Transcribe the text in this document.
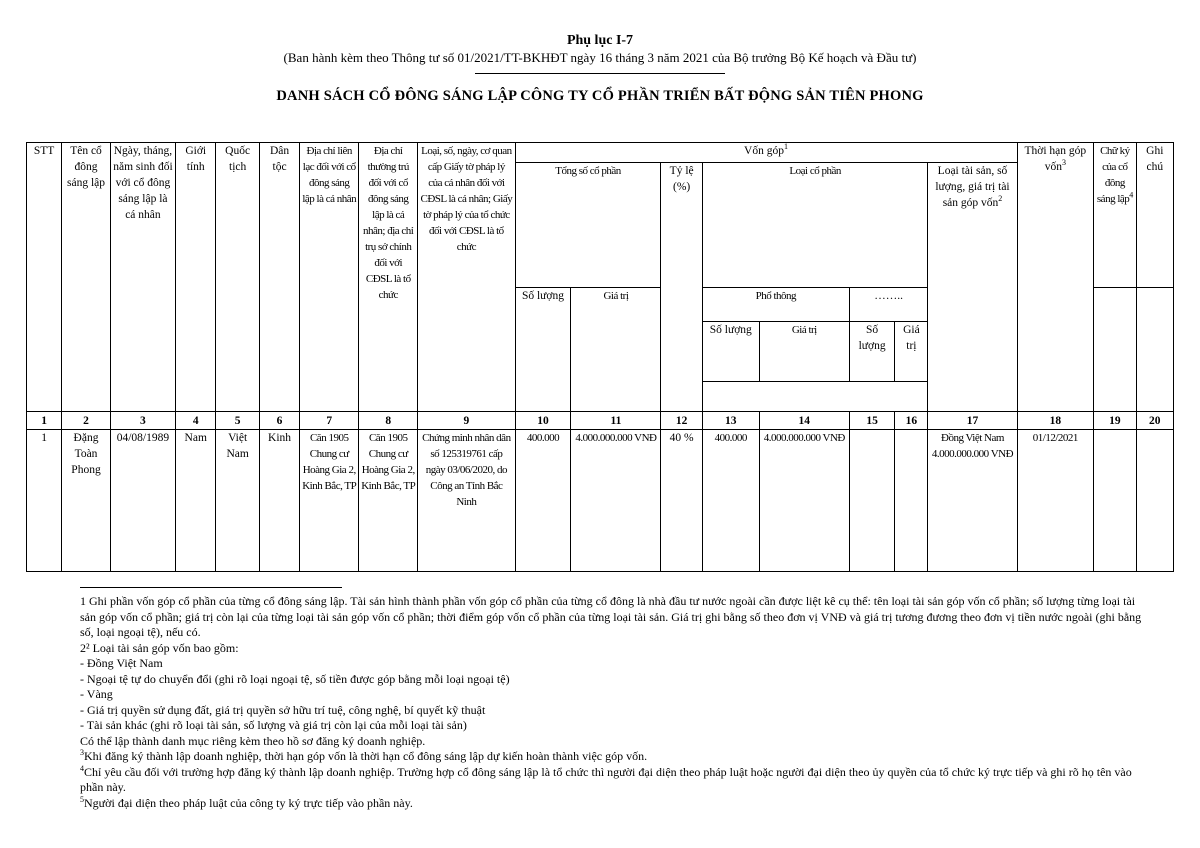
Phụ lục I-7
(Ban hành kèm theo Thông tư số 01/2021/TT-BKHĐT ngày 16 tháng 3 năm 2021 của Bộ trưởng Bộ Kế hoạch và Đầu tư)
DANH SÁCH CỔ ĐÔNG SÁNG LẬP CÔNG TY CỔ PHẦN TRIỂN BẤT ĐỘNG SẢN TIÊN PHONG
STT	Tên cổ đông sáng lập	Ngày, tháng, năm sinh đối với cổ đông sáng lập là cá nhân	Giới tính	Quốc tịch	Dân tộc	Địa chỉ liên lạc đối với cổ đông sáng lập là cá nhân	Địa chỉ thường trú đối với cổ đông sáng lập là cá nhân; địa chỉ trụ sở chính đối với CĐSL là tổ chức	Loại, số, ngày, cơ quan cấp Giấy tờ pháp lý của cá nhân đối với CĐSL là cá nhân; Giấy tờ pháp lý của tổ chức đối với CĐSL là tổ chức	Vốn góp$^1$								Thời hạn góp vốn$^3$	Chữ ký của cổ đông sáng lập$^4$	Ghi chú
									Tổng số cổ phần		Tỷ lệ (%)	Loại cổ phần				Loại tài sản, số lượng, giá trị tài sản góp vốn$^2$
									Số lượng	Giá trị		Phổ thông		……..					
												Số lượng	Giá trị	Số lượng	Giá trị				

1	2	3	4	5	6	7	8	9	10	11	12	13	14	15	16	17	18	19	20
1	Đặng Toàn Phong	04/08/1989	Nam	Việt Nam	Kinh	Căn 1905 Chung cư Hoàng Gia 2, Kinh Bắc, TP	Căn 1905 Chung cư Hoàng Gia 2, Kinh Bắc, TP	Chứng minh nhân dân số 125319761 cấp ngày 03/06/2020, do Công an Tỉnh Bắc Ninh	400.000	4.000.000.000 VNĐ	40 %	400.000	4.000.000.000 VNĐ			Đồng Việt Nam 4.000.000.000 VNĐ	01/12/2021		

1 Ghi phần vốn góp cổ phần của từng cổ đông sáng lập. Tài sản hình thành phần vốn góp cổ phần của từng cổ đông là nhà đầu tư nước ngoài cần được liệt kê cụ thể: tên loại tài sản góp vốn cổ phần; số lượng từng loại tài sản góp vốn cổ phần; giá trị còn lại của từng loại tài sản góp vốn cổ phần; thời điểm góp vốn cổ phần của từng loại tài sản. Giá trị ghi bằng số theo đơn vị VNĐ và giá trị tương đương theo đơn vị tiền nước ngoài (ghi bằng số, loại ngoại tệ), nếu có.

2² Loại tài sản góp vốn bao gồm:

- Đồng Việt Nam

- Ngoại tệ tự do chuyển đổi (ghi rõ loại ngoại tệ, số tiền được góp bằng mỗi loại ngoại tệ)

- Vàng

- Giá trị quyền sử dụng đất, giá trị quyền sở hữu trí tuệ, công nghệ, bí quyết kỹ thuật

- Tài sản khác (ghi rõ loại tài sản, số lượng và giá trị còn lại của mỗi loại tài sản)

Có thể lập thành danh mục riêng kèm theo hồ sơ đăng ký doanh nghiệp.

$^3$Khi đăng ký thành lập doanh nghiệp, thời hạn góp vốn là thời hạn cổ đông sáng lập dự kiến hoàn thành việc góp vốn.

$^4$Chỉ yêu cầu đối với trường hợp đăng ký thành lập doanh nghiệp. Trường hợp cổ đông sáng lập là tổ chức thì người đại diện theo pháp luật hoặc người đại diện theo ủy quyền của tổ chức ký trực tiếp và ghi rõ họ tên vào phần này.

$^5$Người đại diện theo pháp luật của công ty ký trực tiếp vào phần này.
